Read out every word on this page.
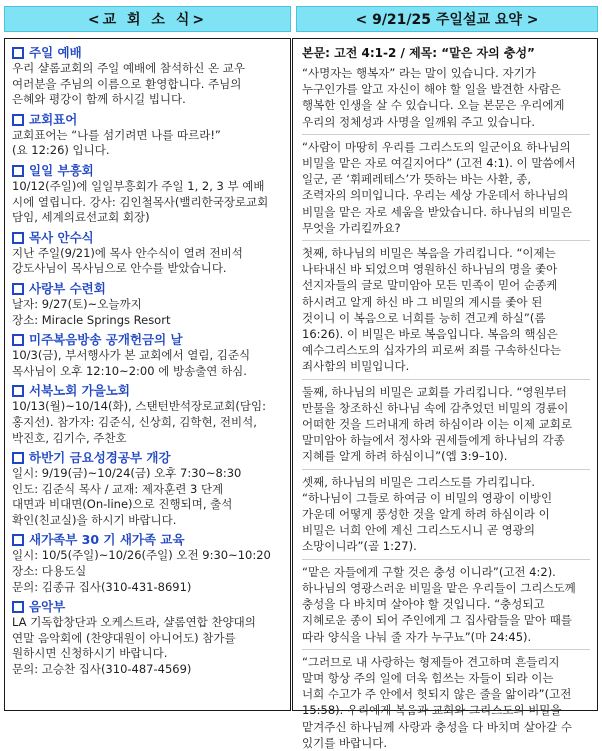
<교 회 소 식>	< 9/21/25 주일설교 요약 >
주일 예배
우리 샬롬교회의 주일 예배에 참석하신 온 교우
여러분을 주님의 이름으로 환영합니다. 주님의
은혜와 평강이 함께 하시길 빕니다.
교회표어
교회표어는 “나를 섬기려면 나를 따르라!”
(요 12:26) 입니다.
일일 부흥회
10/12(주일)에 일일부흥회가 주일 1, 2, 3 부 예배
시에 열립니다. 강사: 김인철목사(밸리한국장로교회
담임, 세계의료선교회 회장)
목사 안수식
지난 주일(9/21)에 목사 안수식이 열려 전비석
강도사님이 목사님으로 안수를 받았습니다.
사랑부 수련회
날자: 9/27(토)~오늘까지
장소: Miracle Springs Resort
미주복음방송 공개헌금의 날
10/3(금), 부서행사가 본 교회에서 열림, 김준식
목사님이 오후 12:10~2:00 에 방송출연 하심.
서북노회 가을노회
10/13(월)~10/14(화), 스탠턴반석장로교회(담임:
홍지선). 참가자: 김준식, 신상희, 김학현, 전비석,
박진호, 김기수, 주찬호
하반기 금요성경공부 개강
일시: 9/19(금)~10/24(금) 오후 7:30~8:30
인도: 김준식 목사 / 교재: 제자훈련 3 단계
대면과 비대면(On-line)으로 진행되며, 출석
확인(친교실)을 하시기 바랍니다.
새가족부 30 기 새가족 교육
일시: 10/5(주일)~10/26(주일) 오전 9:30~10:20
장소: 다용도실
문의: 김종규 집사(310-431-8691)
음악부
LA 기독합창단과 오케스트라, 샬롬연합 찬양대의
연말 음악회에 (찬양대원이 아니어도) 참가를
원하시면 신청하시기 바랍니다.
문의: 고승찬 집사(310-487-4569)
본문: 고전 4:1-2 / 제목: “맡은 자의 충성”
“사명자는 행복자” 라는 말이 있습니다. 자기가
누구인가를 알고 자신이 해야 할 일을 발견한 사람은
행복한 인생을 살 수 있습니다. 오늘 본문은 우리에게
우리의 정체성과 사명을 일깨워 주고 있습니다.
“사람이 마땅히 우리를 그리스도의 일군이요 하나님의
비밀을 맡은 자로 여길지어다” (고전 4:1). 이 말씀에서
일군, 곧 ‘휘페레테스’가 뜻하는 바는 사환, 종,
조력자의 의미입니다. 우리는 세상 가운데서 하나님의
비밀을 맡은 자로 세움을 받았습니다. 하나님의 비밀은
무엇을 가리킬까요?
첫째, 하나님의 비밀은 복음을 가리킵니다. “이제는
나타내신 바 되었으며 영원하신 하나님의 명을 좇아
선지자들의 글로 말미암아 모든 민족이 믿어 순종케
하시려고 알게 하신 바 그 비밀의 계시를 좇아 된
것이니 이 복음으로 너희를 능히 견고케 하실”(롬
16:26). 이 비밀은 바로 복음입니다. 복음의 핵심은
예수그리스도의 십자가의 피로써 죄를 구속하신다는
죄사함의 비밀입니다.
둘째, 하나님의 비밀은 교회를 가리킵니다. “영원부터
만물을 창조하신 하나님 속에 감추었던 비밀의 경륜이
어떠한 것을 드러내게 하려 하심이라 이는 이제 교회로
말미암아 하늘에서 정사와 권세들에게 하나님의 각종
지혜를 알게 하려 하심이니”(엡 3:9–10).
셋째, 하나님의 비밀은 그리스도를 가리킵니다.
“하나님이 그들로 하여금 이 비밀의 영광이 이방인
가운데 어떻게 풍성한 것을 알게 하려 하심이라 이
비밀은 너희 안에 계신 그리스도시니 곧 영광의
소망이니라”(골 1:27).
“맡은 자들에게 구할 것은 충성 이니라”(고전 4:2).
하나님의 영광스러운 비밀을 맡은 우리들이 그리스도께
충성을 다 바치며 살아야 할 것입니다. “충성되고
지혜로운 종이 되어 주인에게 그 집사람들을 맡아 때를
따라 양식을 나눠 줄 자가 누구뇨”(마 24:45).
“그러므로 내 사랑하는 형제들아 견고하며 흔들리지
말며 항상 주의 일에 더욱 힘쓰는 자들이 되라 이는
너희 수고가 주 안에서 헛되지 않은 줄을 앎이라”(고전
15:58). 우리에게 복음과 교회와 그리스도의 비밀을
맡겨주신 하나님께 사랑과 충성을 다 바치며 살아갈 수
있기를 바랍니다.
